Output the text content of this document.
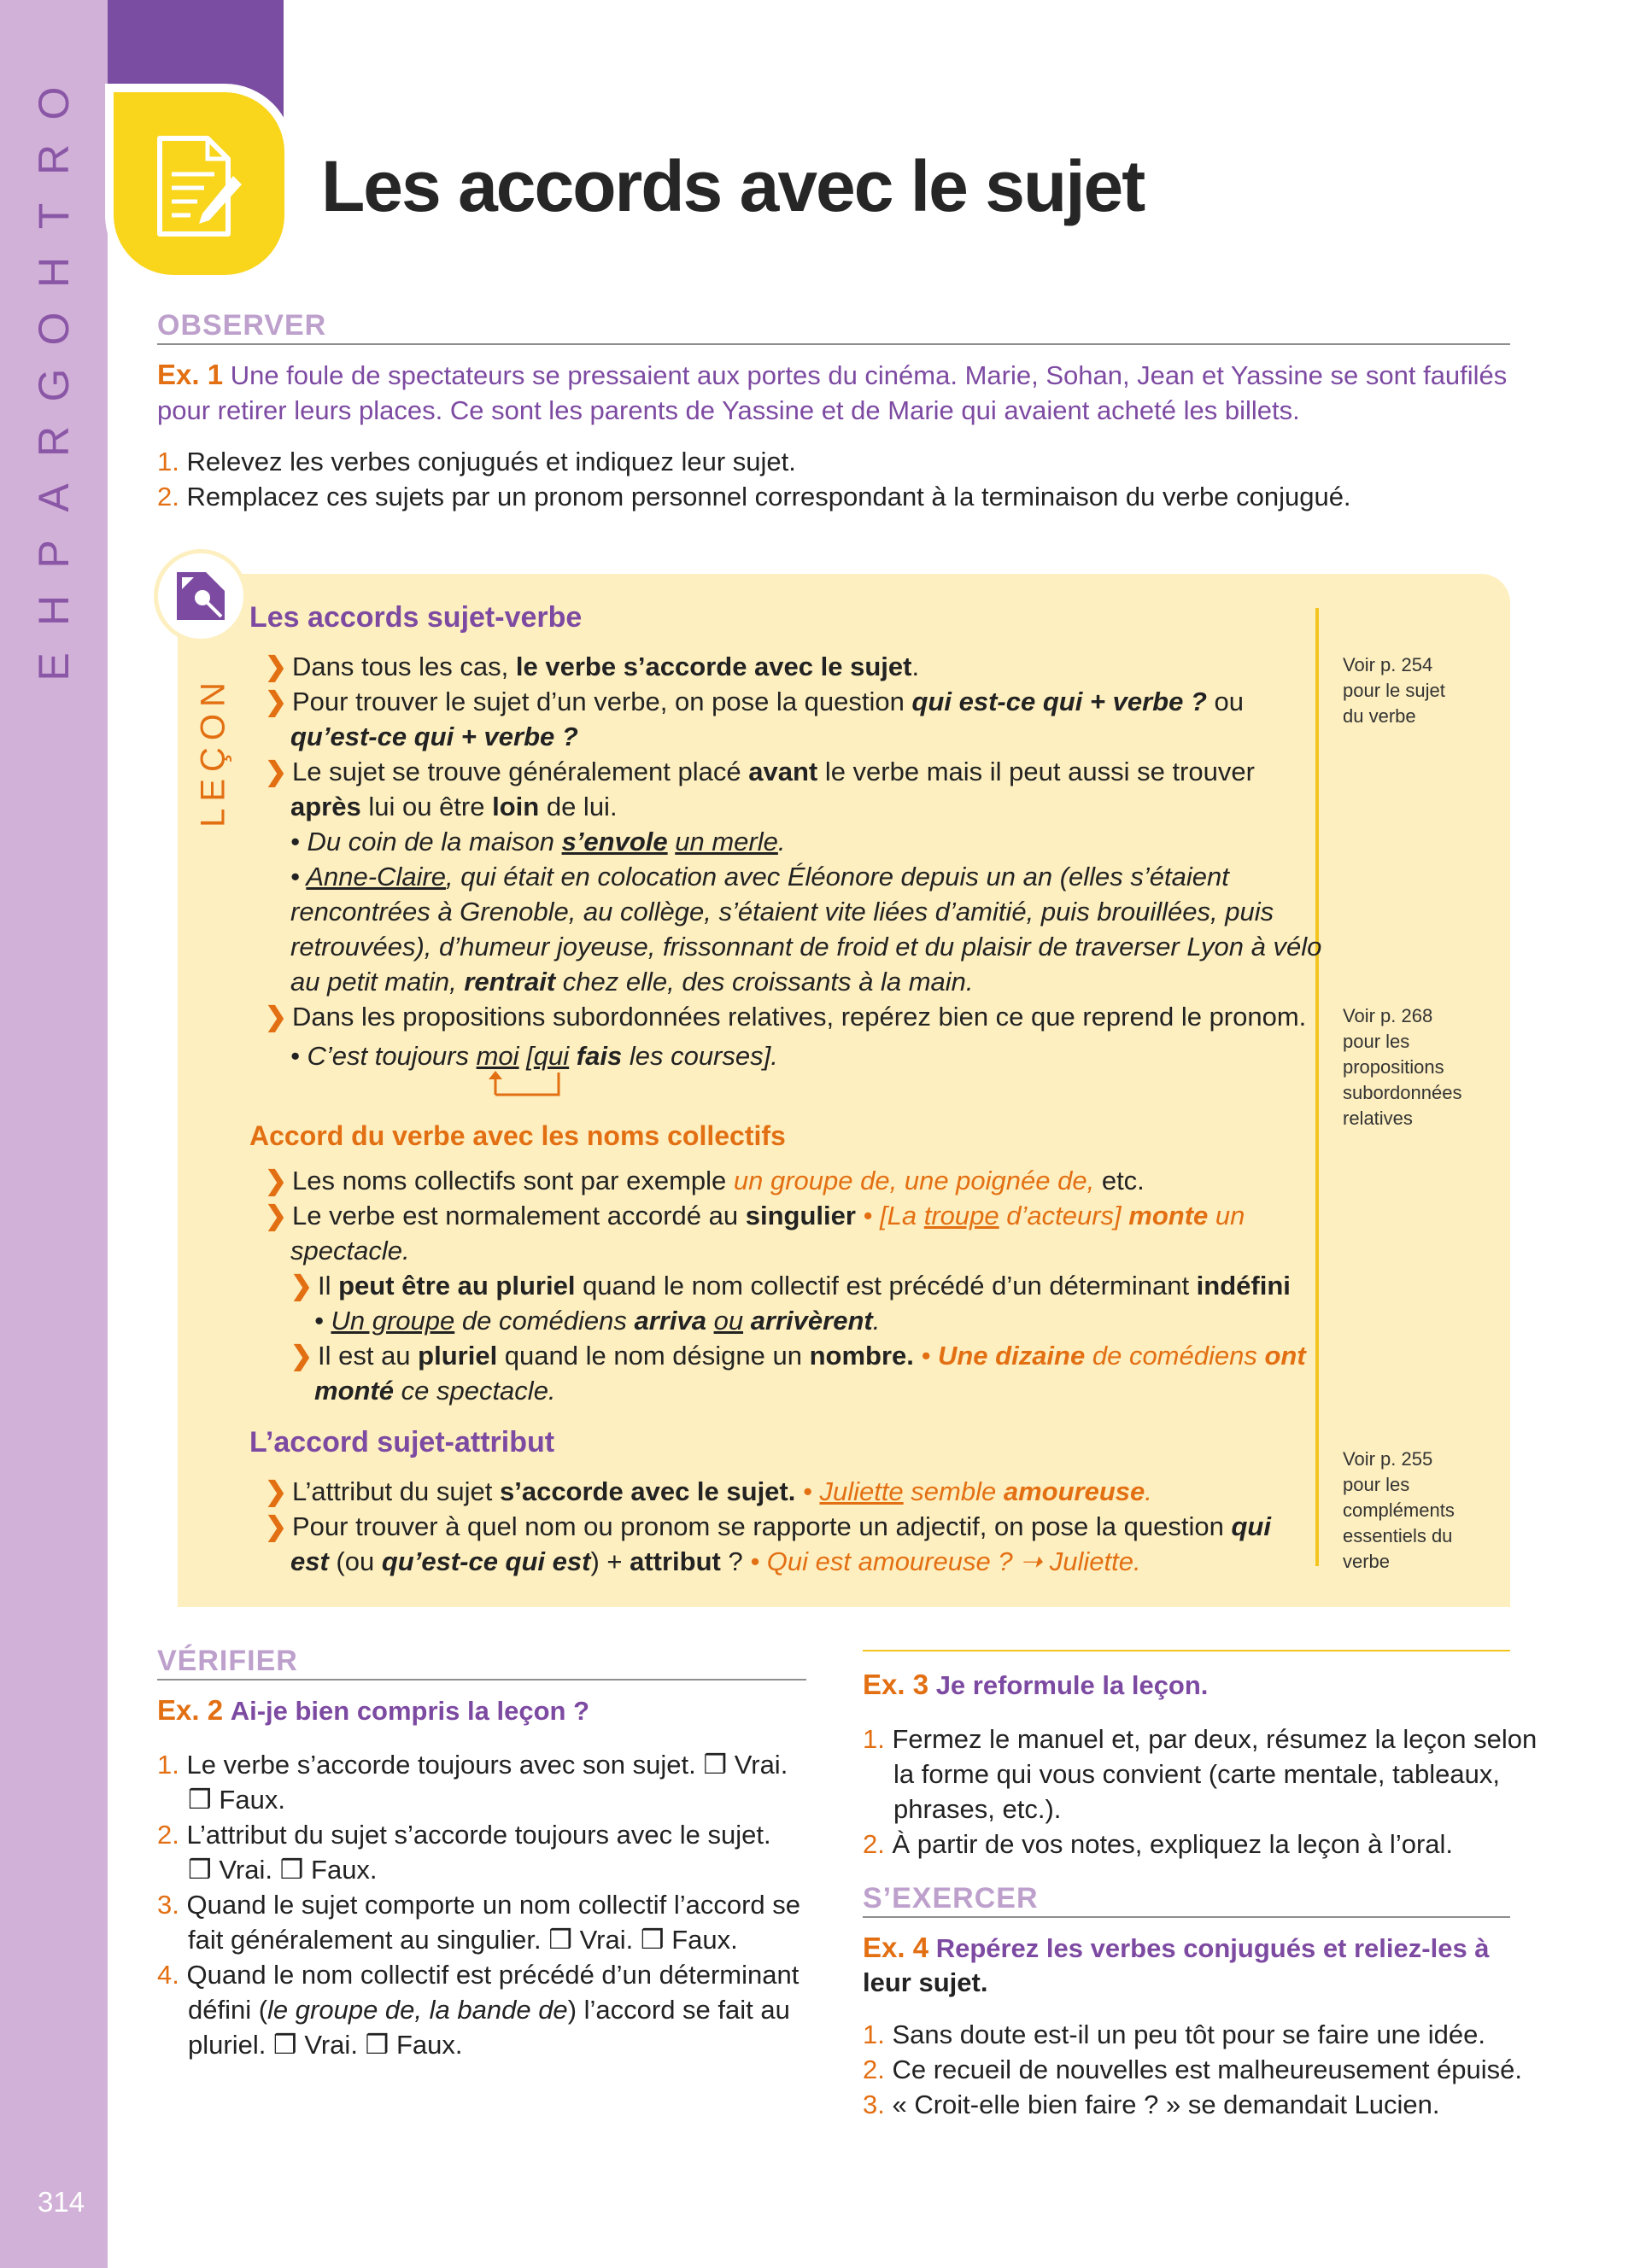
O
R
T
H
O
G
R
A
P
H
E
314
Les accords avec le sujet
OBSERVER
Ex. 1 Une foule de spectateurs se pressaient aux portes du cinéma. Marie, Sohan, Jean et Yassine se sont faufilés
pour retirer leurs places. Ce sont les parents de Yassine et de Marie qui avaient acheté les billets.
1. Relevez les verbes conjugués et indiquez leur sujet.
2. Remplacez ces sujets par un pronom personnel correspondant à la terminaison du verbe conjugué.
LEÇON
Voir p. 254
pour le sujet
du verbe
Voir p. 268
pour les
propositions
subordonnées
relatives
Voir p. 255
pour les
compléments
essentiels du
verbe
Les accords sujet-verbe
❯ Dans tous les cas, le verbe s’accorde avec le sujet.
❯ Pour trouver le sujet d’un verbe, on pose la question qui est-ce qui + verbe ? ou
qu’est-ce qui + verbe ?
❯ Le sujet se trouve généralement placé avant le verbe mais il peut aussi se trouver
après lui ou être loin de lui.
• Du coin de la maison s’envole un merle.
• Anne-Claire, qui était en colocation avec Éléonore depuis un an (elles s’étaient
rencontrées à Grenoble, au collège, s’étaient vite liées d’amitié, puis brouillées, puis
retrouvées), d’humeur joyeuse, frissonnant de froid et du plaisir de traverser Lyon à vélo
au petit matin, rentrait chez elle, des croissants à la main.
❯ Dans les propositions subordonnées relatives, repérez bien ce que reprend le pronom.
• C’est toujours moi [qui fais les courses].
Accord du verbe avec les noms collectifs
❯ Les noms collectifs sont par exemple un groupe de, une poignée de, etc.
❯ Le verbe est normalement accordé au singulier • [La troupe d’acteurs] monte un
spectacle.
❯ Il peut être au pluriel quand le nom collectif est précédé d’un déterminant indéfini
• Un groupe de comédiens arriva ou arrivèrent.
❯ Il est au pluriel quand le nom désigne un nombre. • Une dizaine de comédiens ont
monté ce spectacle.
L’accord sujet-attribut
❯ L’attribut du sujet s’accorde avec le sujet. • Juliette semble amoureuse.
❯ Pour trouver à quel nom ou pronom se rapporte un adjectif, on pose la question qui
est (ou qu’est-ce qui est) + attribut ? • Qui est amoureuse ? ➝ Juliette.
VÉRIFIER
Ex. 2 Ai-je bien compris la leçon ?
1. Le verbe s’accorde toujours avec son sujet. ❒ Vrai.
❒ Faux.
2. L’attribut du sujet s’accorde toujours avec le sujet.
❒ Vrai. ❒ Faux.
3. Quand le sujet comporte un nom collectif l’accord se
fait généralement au singulier. ❒ Vrai. ❒ Faux.
4. Quand le nom collectif est précédé d’un déterminant
défini (le groupe de, la bande de) l’accord se fait au
pluriel. ❒ Vrai. ❒ Faux.
Ex. 3 Je reformule la leçon.
1. Fermez le manuel et, par deux, résumez la leçon selon
la forme qui vous convient (carte mentale, tableaux,
phrases, etc.).
2. À partir de vos notes, expliquez la leçon à l’oral.
S’EXERCER
Ex. 4 Repérez les verbes conjugués et reliez-les à
leur sujet.
1. Sans doute est-il un peu tôt pour se faire une idée.
2. Ce recueil de nouvelles est malheureusement épuisé.
3. « Croit-elle bien faire ? » se demandait Lucien.
